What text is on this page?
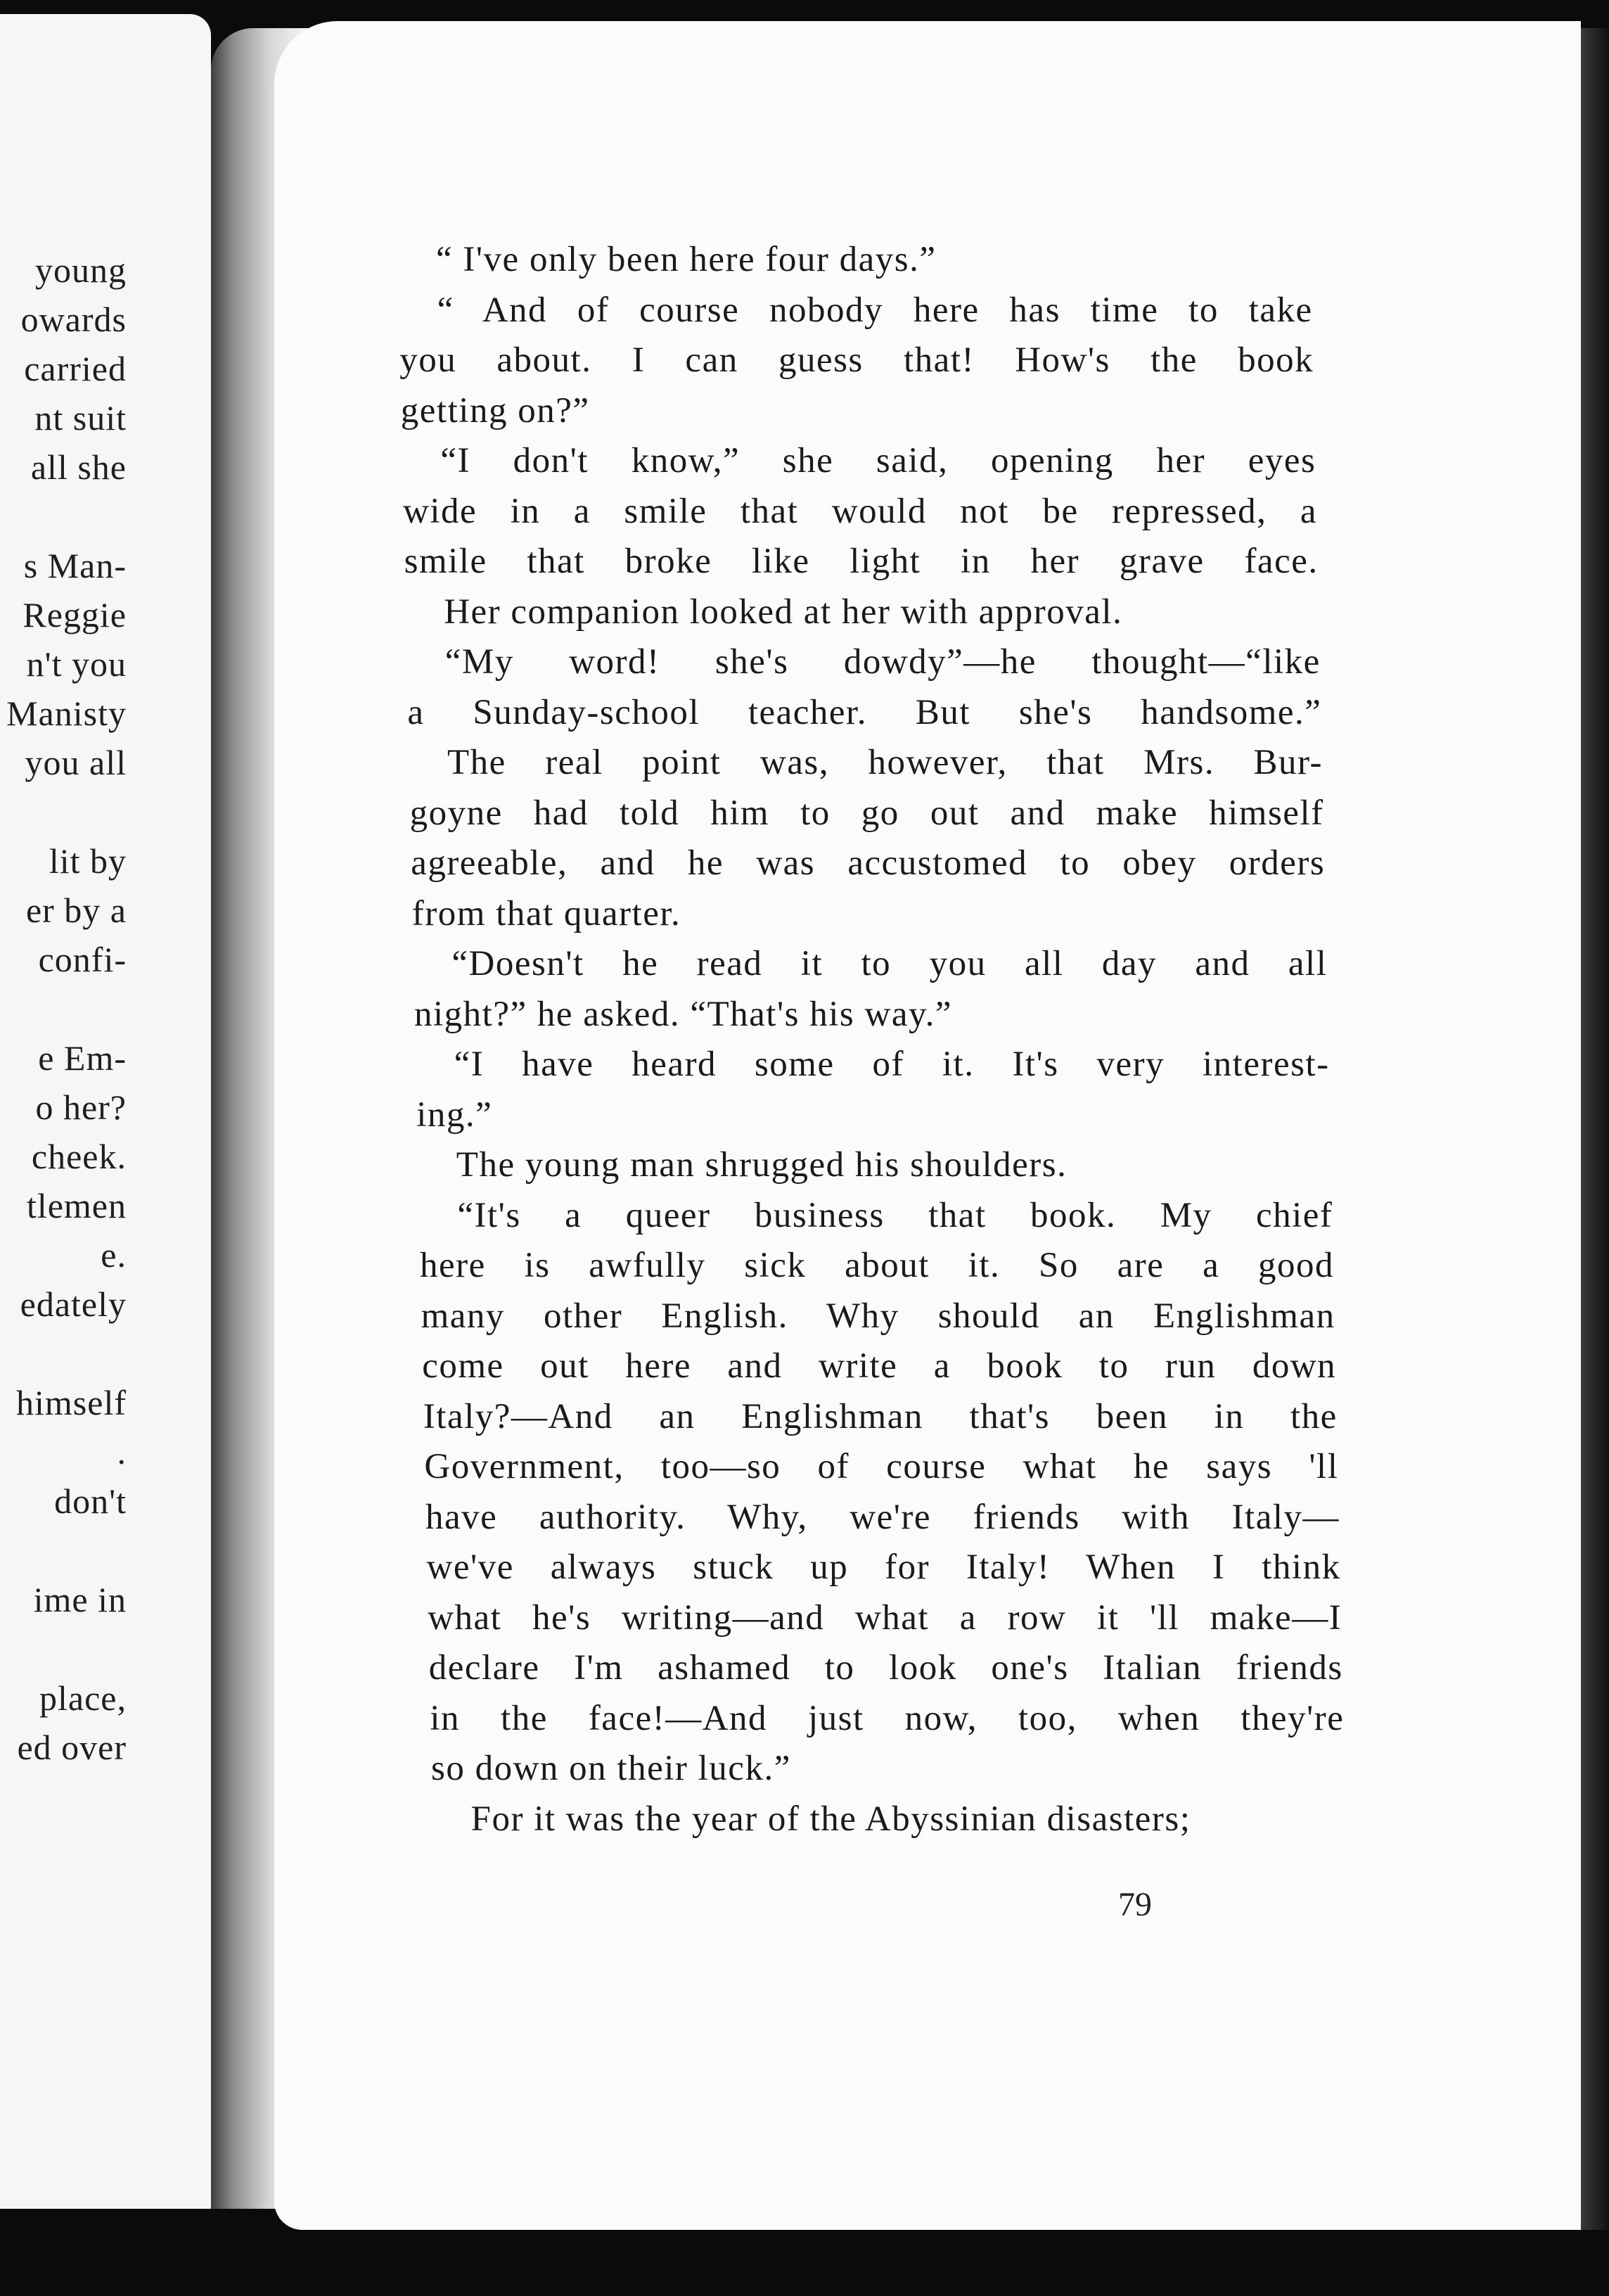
young
owards
carried
nt suit
all she
s Man-
Reggie
n't you
Manisty
you all
lit by
er by a
confi-
e Em-
o her?
cheek.
tlemen
e.
edately
himself
.
don't
ime in
place,
ed over
79
“ I've only been here four days.”
“ And of course nobody here has time to take
you about. I can guess that! How's the book
getting on?”
“I don't know,” she said, opening her eyes
wide in a smile that would not be repressed, a
smile that broke like light in her grave face.
Her companion looked at her with approval.
“My word! she's dowdy”—he thought—“like
a Sunday-school teacher. But she's handsome.”
The real point was, however, that Mrs. Bur-
goyne had told him to go out and make himself
agreeable, and he was accustomed to obey orders
from that quarter.
“Doesn't he read it to you all day and all
night?” he asked. “That's his way.”
“I have heard some of it. It's very interest-
ing.”
The young man shrugged his shoulders.
“It's a queer business that book. My chief
here is awfully sick about it. So are a good
many other English. Why should an Englishman
come out here and write a book to run down
Italy?—And an Englishman that's been in the
Government, too—so of course what he says 'll
have authority. Why, we're friends with Italy—
we've always stuck up for Italy! When I think
what he's writing—and what a row it 'll make—I
declare I'm ashamed to look one's Italian friends
in the face!—And just now, too, when they're
so down on their luck.”
For it was the year of the Abyssinian disasters;
